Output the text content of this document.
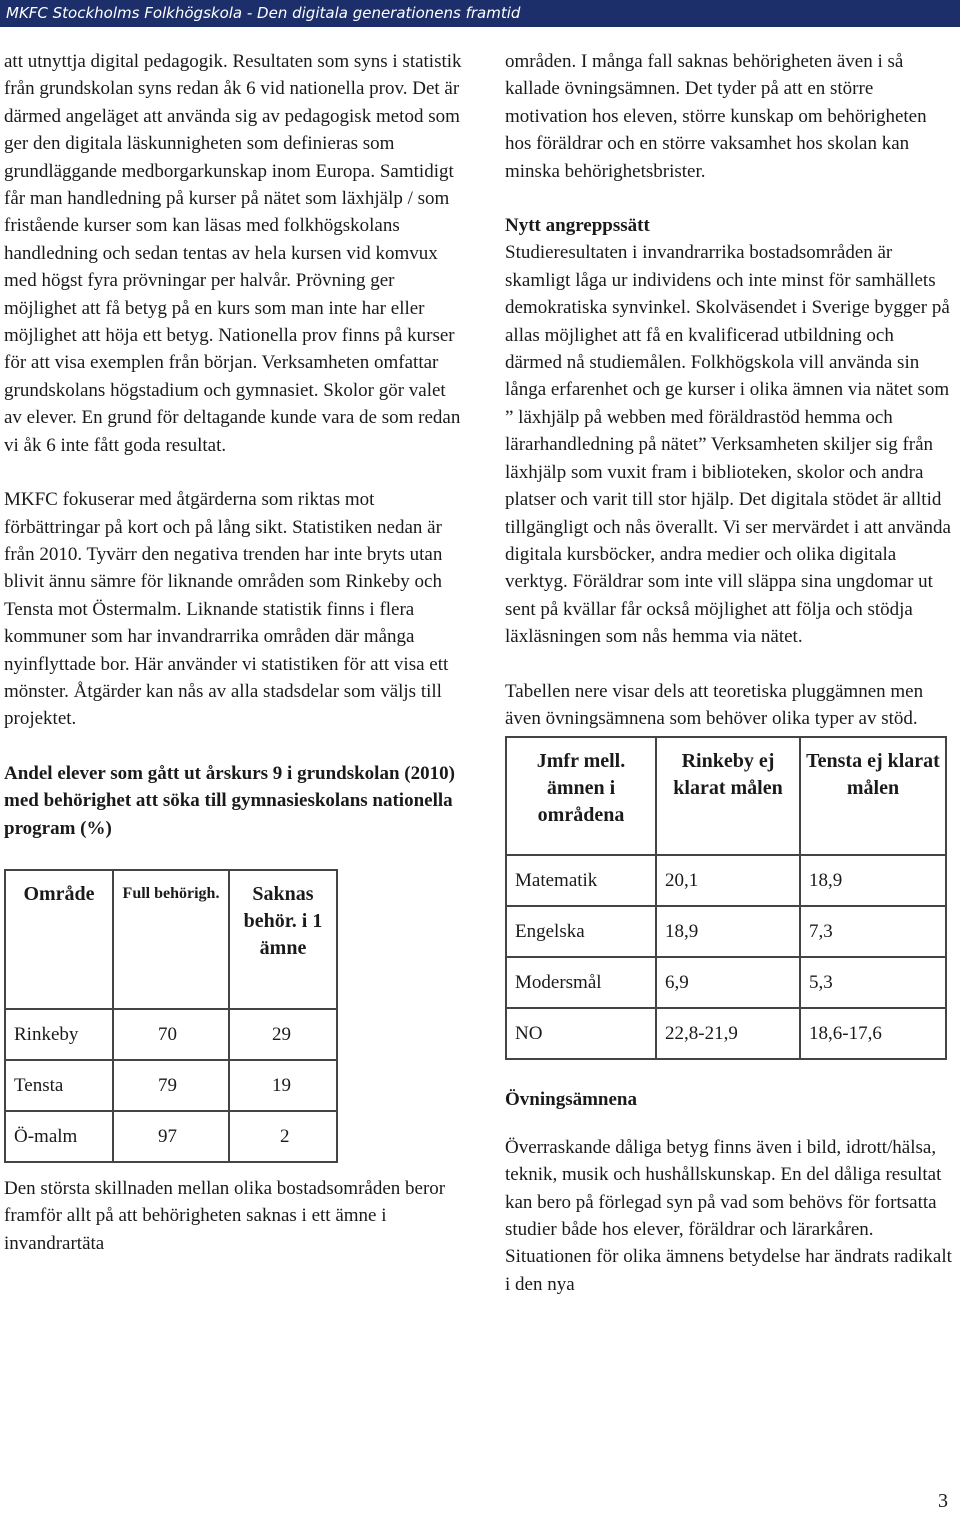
MKFC Stockholms Folkhögskola - Den digitala generationens framtid

att utnyttja digital pedagogik. Resultaten som syns i statistik från grundskolan syns redan åk 6 vid nationella prov. Det är därmed angeläget att använda sig av pedagogisk metod som ger den digitala läskunnigheten som definieras som grundläggande medborgarkunskap inom Europa. Samtidigt får man handledning på kurser på nätet som läxhjälp / som fristående kurser som kan läsas med folkhögskolans handledning och sedan tentas av hela kursen vid komvux med högst fyra prövningar per halvår. Prövning ger möjlighet att få betyg på en kurs som man inte har eller möjlighet att höja ett betyg. Nationella prov finns på kurser för att visa exemplen från början. Verksamheten omfattar grundskolans högstadium och gymnasiet. Skolor gör valet av elever. En grund för deltagande kunde vara de som redan vi åk 6 inte fått goda resultat.

MKFC fokuserar med åtgärderna som riktas mot förbättringar på kort och på lång sikt. Statistiken nedan är från 2010. Tyvärr den negativa trenden har inte bryts utan blivit ännu sämre för liknande områden som Rinkeby och Tensta mot Östermalm. Liknande statistik finns i flera kommuner som har invandrarrika områden där många nyinflyttade bor. Här använder vi statistiken för att visa ett mönster. Åtgärder kan nås av alla stadsdelar som väljs till projektet.

Andel elever som gått ut årskurs 9 i grundskolan (2010) med behörighet att söka till gymnasieskolans nationella program (%)

Område	Full behörigh.	Saknas behör. i 1 ämne
Rinkeby	70	29
Tensta	79	19
Ö-malm	97	2

Den största skillnaden mellan olika bostadsområden beror framför allt på att behörigheten saknas i ett ämne i invandrartäta

områden. I många fall saknas behörigheten även i så kallade övningsämnen. Det tyder på att en större motivation hos eleven, större kunskap om behörigheten hos föräldrar och en större vaksamhet hos skolan kan minska behörighetsbrister.

Nytt angreppssätt

Studieresultaten i invandrarrika bostadsområden är skamligt låga ur individens och inte minst för samhällets demokratiska synvinkel. Skolväsendet i Sverige bygger på allas möjlighet att få en kvalificerad utbildning och därmed nå studiemålen. Folkhögskola vill använda sin långa erfarenhet och ge kurser i olika ämnen via nätet som ” läxhjälp på webben med föräldrastöd hemma och lärarhandledning på nätet” Verksamheten skiljer sig från läxhjälp som vuxit fram i biblioteken, skolor och andra platser och varit till stor hjälp. Det digitala stödet är alltid tillgängligt och nås överallt. Vi ser mervärdet i att använda digitala kursböcker, andra medier och olika digitala verktyg. Föräldrar som inte vill släppa sina ungdomar ut sent på kvällar får också möjlighet att följa och stödja läxläsningen som nås hemma via nätet.

Tabellen nere visar dels att teoretiska pluggämnen men även övningsämnena som behöver olika typer av stöd.

Jmfr mell. ämnen i områdena	Rinkeby ej klarat målen	Tensta ej klarat målen
Matematik	20,1	18,9
Engelska	18,9	7,3
Modersmål	6,9	5,3
NO	22,8-21,9	18,6-17,6

Övningsämnena

Överraskande dåliga betyg finns även i bild, idrott/hälsa, teknik, musik och hushållskunskap. En del dåliga resultat kan bero på förlegad syn på vad som behövs för fortsatta studier både hos elever, föräldrar och lärarkåren. Situationen för olika ämnens betydelse har ändrats radikalt i den nya

3
